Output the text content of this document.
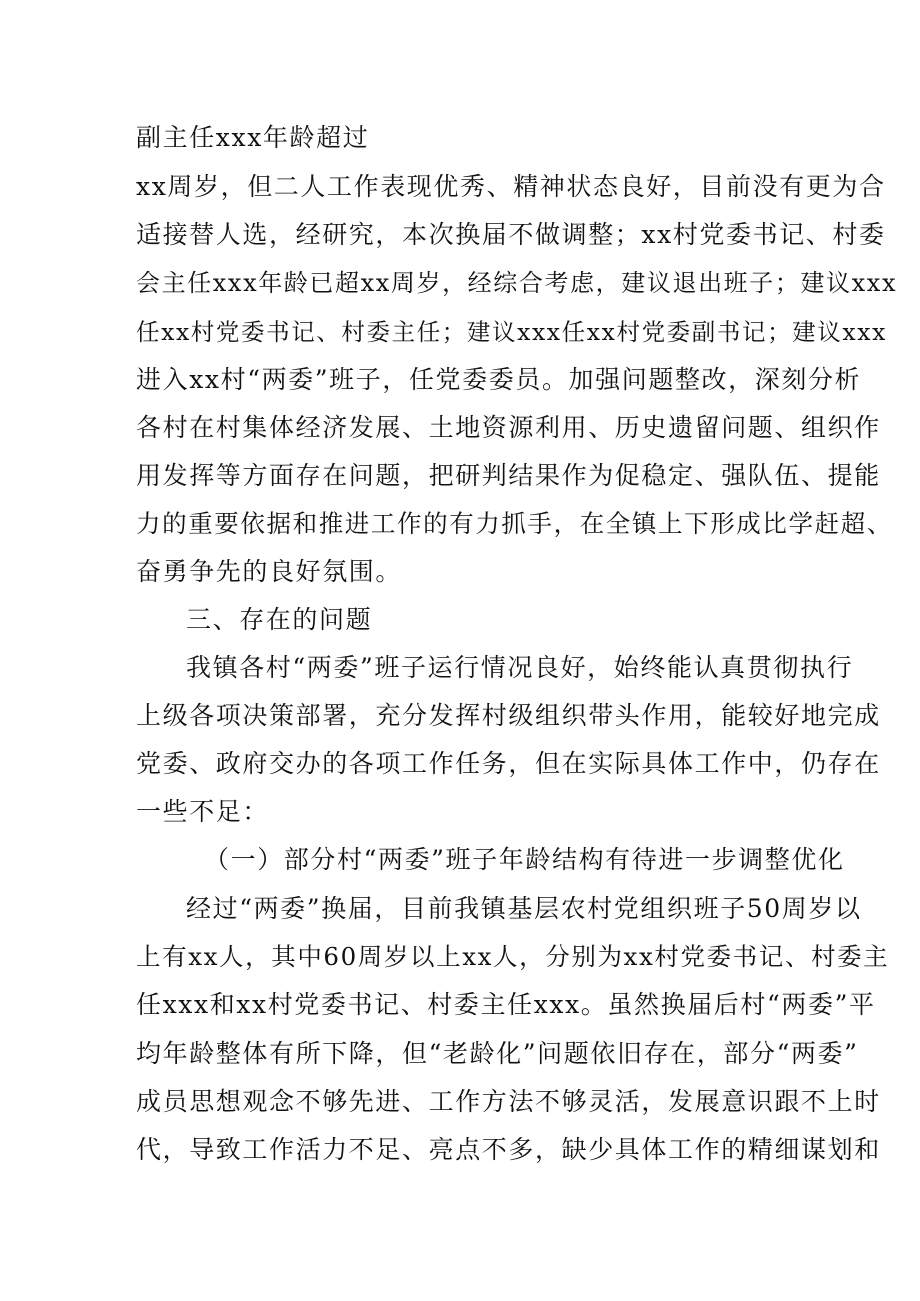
副主任xxx年龄超过
xx周岁，但二人工作表现优秀、精神状态良好，目前没有更为合
适接替人选，经研究，本次换届不做调整；xx村党委书记、村委
会主任xxx年龄已超xx周岁，经综合考虑，建议退出班子；建议xxx
任xx村党委书记、村委主任；建议xxx任xx村党委副书记；建议xxx
进入xx村“两委”班子，任党委委员。加强问题整改，深刻分析
各村在村集体经济发展、土地资源利用、历史遗留问题、组织作
用发挥等方面存在问题，把研判结果作为促稳定、强队伍、提能
力的重要依据和推进工作的有力抓手，在全镇上下形成比学赶超、
奋勇争先的良好氛围。
三、存在的问题
我镇各村“两委”班子运行情况良好，始终能认真贯彻执行
上级各项决策部署，充分发挥村级组织带头作用，能较好地完成
党委、政府交办的各项工作任务，但在实际具体工作中，仍存在
一些不足：
（一）部分村“两委”班子年龄结构有待进一步调整优化
经过“两委”换届，目前我镇基层农村党组织班子50周岁以
上有xx人，其中60周岁以上xx人，分别为xx村党委书记、村委主
任xxx和xx村党委书记、村委主任xxx。虽然换届后村“两委”平
均年龄整体有所下降，但“老龄化”问题依旧存在，部分“两委”
成员思想观念不够先进、工作方法不够灵活，发展意识跟不上时
代，导致工作活力不足、亮点不多，缺少具体工作的精细谋划和
